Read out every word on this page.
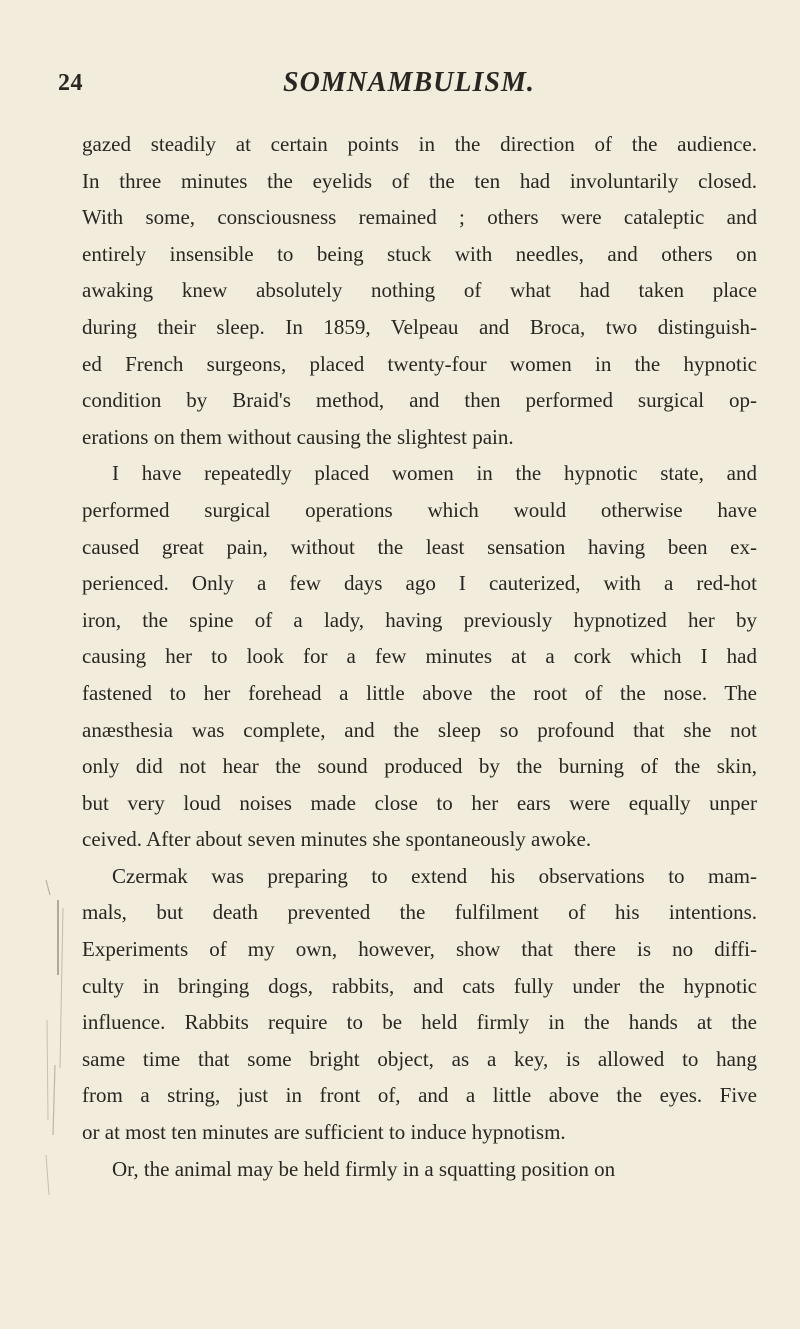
24	SOMNAMBULISM.
gazed steadily at certain points in the direction of the audience.
In three minutes the eyelids of the ten had involuntarily closed.
With some, consciousness remained ; others were cataleptic and
entirely insensible to being stuck with needles, and others on
awaking knew absolutely nothing of what had taken place
during their sleep. In 1859, Velpeau and Broca, two distinguish-
ed French surgeons, placed twenty-four women in the hypnotic
condition by Braid's method, and then performed surgical op-
erations on them without causing the slightest pain.
I have repeatedly placed women in the hypnotic state, and
performed surgical operations which would otherwise have
caused great pain, without the least sensation having been ex-
perienced. Only a few days ago I cauterized, with a red-hot
iron, the spine of a lady, having previously hypnotized her by
causing her to look for a few minutes at a cork which I had
fastened to her forehead a little above the root of the nose. The
anæsthesia was complete, and the sleep so profound that she not
only did not hear the sound produced by the burning of the skin,
but very loud noises made close to her ears were equally unper
ceived. After about seven minutes she spontaneously awoke.
Czermak was preparing to extend his observations to mam-
mals, but death prevented the fulfilment of his intentions.
Experiments of my own, however, show that there is no diffi-
culty in bringing dogs, rabbits, and cats fully under the hypnotic
influence. Rabbits require to be held firmly in the hands at the
same time that some bright object, as a key, is allowed to hang
from a string, just in front of, and a little above the eyes. Five
or at most ten minutes are sufficient to induce hypnotism.
Or, the animal may be held firmly in a squatting position on
